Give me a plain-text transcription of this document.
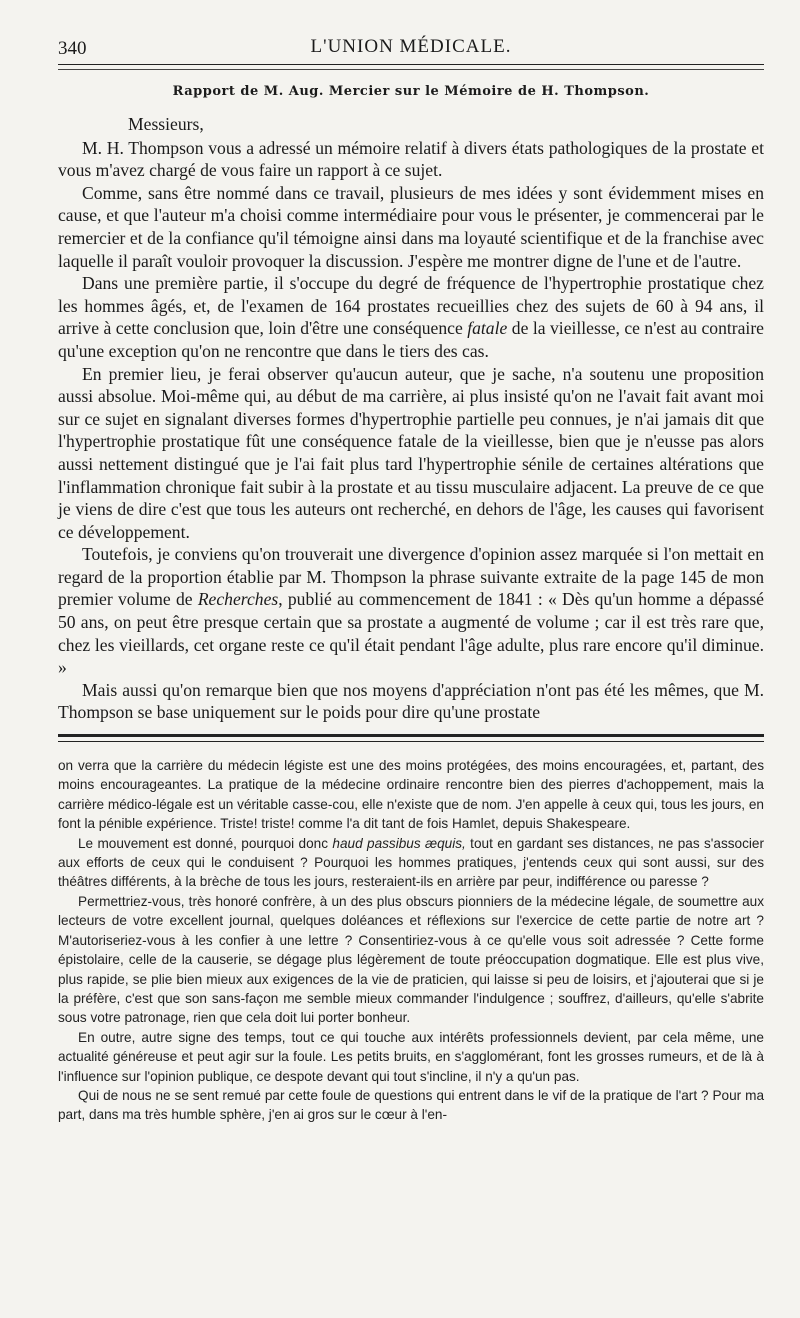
340	L'UNION MÉDICALE.
Rapport de M. Aug. Mercier sur le Mémoire de H. Thompson.

Messieurs,

M. H. Thompson vous a adressé un mémoire relatif à divers états pathologiques de la prostate et vous m'avez chargé de vous faire un rapport à ce sujet.

Comme, sans être nommé dans ce travail, plusieurs de mes idées y sont évidemment mises en cause, et que l'auteur m'a choisi comme intermédiaire pour vous le présenter, je commencerai par le remercier et de la confiance qu'il témoigne ainsi dans ma loyauté scientifique et de la franchise avec laquelle il paraît vouloir provoquer la discussion. J'espère me montrer digne de l'une et de l'autre.

Dans une première partie, il s'occupe du degré de fréquence de l'hypertrophie prostatique chez les hommes âgés, et, de l'examen de 164 prostates recueillies chez des sujets de 60 à 94 ans, il arrive à cette conclusion que, loin d'être une conséquence fatale de la vieillesse, ce n'est au contraire qu'une exception qu'on ne rencontre que dans le tiers des cas.

En premier lieu, je ferai observer qu'aucun auteur, que je sache, n'a soutenu une proposition aussi absolue. Moi-même qui, au début de ma carrière, ai plus insisté qu'on ne l'avait fait avant moi sur ce sujet en signalant diverses formes d'hypertrophie partielle peu connues, je n'ai jamais dit que l'hypertrophie prostatique fût une conséquence fatale de la vieillesse, bien que je n'eusse pas alors aussi nettement distingué que je l'ai fait plus tard l'hypertrophie sénile de certaines altérations que l'inflammation chronique fait subir à la prostate et au tissu musculaire adjacent. La preuve de ce que je viens de dire c'est que tous les auteurs ont recherché, en dehors de l'âge, les causes qui favorisent ce développement.

Toutefois, je conviens qu'on trouverait une divergence d'opinion assez marquée si l'on mettait en regard de la proportion établie par M. Thompson la phrase suivante extraite de la page 145 de mon premier volume de Recherches, publié au commencement de 1841 : « Dès qu'un homme a dépassé 50 ans, on peut être presque certain que sa prostate a augmenté de volume ; car il est très rare que, chez les vieillards, cet organe reste ce qu'il était pendant l'âge adulte, plus rare encore qu'il diminue. »

Mais aussi qu'on remarque bien que nos moyens d'appréciation n'ont pas été les mêmes, que M. Thompson se base uniquement sur le poids pour dire qu'une prostate

on verra que la carrière du médecin légiste est une des moins protégées, des moins encouragées, et, partant, des moins encourageantes. La pratique de la médecine ordinaire rencontre bien des pierres d'achoppement, mais la carrière médico-légale est un véritable casse-cou, elle n'existe que de nom. J'en appelle à ceux qui, tous les jours, en font la pénible expérience. Triste! triste! comme l'a dit tant de fois Hamlet, depuis Shakespeare.

Le mouvement est donné, pourquoi donc haud passibus æquis, tout en gardant ses distances, ne pas s'associer aux efforts de ceux qui le conduisent ? Pourquoi les hommes pratiques, j'entends ceux qui sont aussi, sur des théâtres différents, à la brèche de tous les jours, resteraient-ils en arrière par peur, indifférence ou paresse ?

Permettriez-vous, très honoré confrère, à un des plus obscurs pionniers de la médecine légale, de soumettre aux lecteurs de votre excellent journal, quelques doléances et réflexions sur l'exercice de cette partie de notre art ? M'autoriseriez-vous à les confier à une lettre ? Consentiriez-vous à ce qu'elle vous soit adressée ? Cette forme épistolaire, celle de la causerie, se dégage plus légèrement de toute préoccupation dogmatique. Elle est plus vive, plus rapide, se plie bien mieux aux exigences de la vie de praticien, qui laisse si peu de loisirs, et j'ajouterai que si je la préfère, c'est que son sans-façon me semble mieux commander l'indulgence ; souffrez, d'ailleurs, qu'elle s'abrite sous votre patronage, rien que cela doit lui porter bonheur.

En outre, autre signe des temps, tout ce qui touche aux intérêts professionnels devient, par cela même, une actualité généreuse et peut agir sur la foule. Les petits bruits, en s'agglomérant, font les grosses rumeurs, et de là à l'influence sur l'opinion publique, ce despote devant qui tout s'incline, il n'y a qu'un pas.

Qui de nous ne se sent remué par cette foule de questions qui entrent dans le vif de la pratique de l'art ? Pour ma part, dans ma très humble sphère, j'en ai gros sur le cœur à l'en-
